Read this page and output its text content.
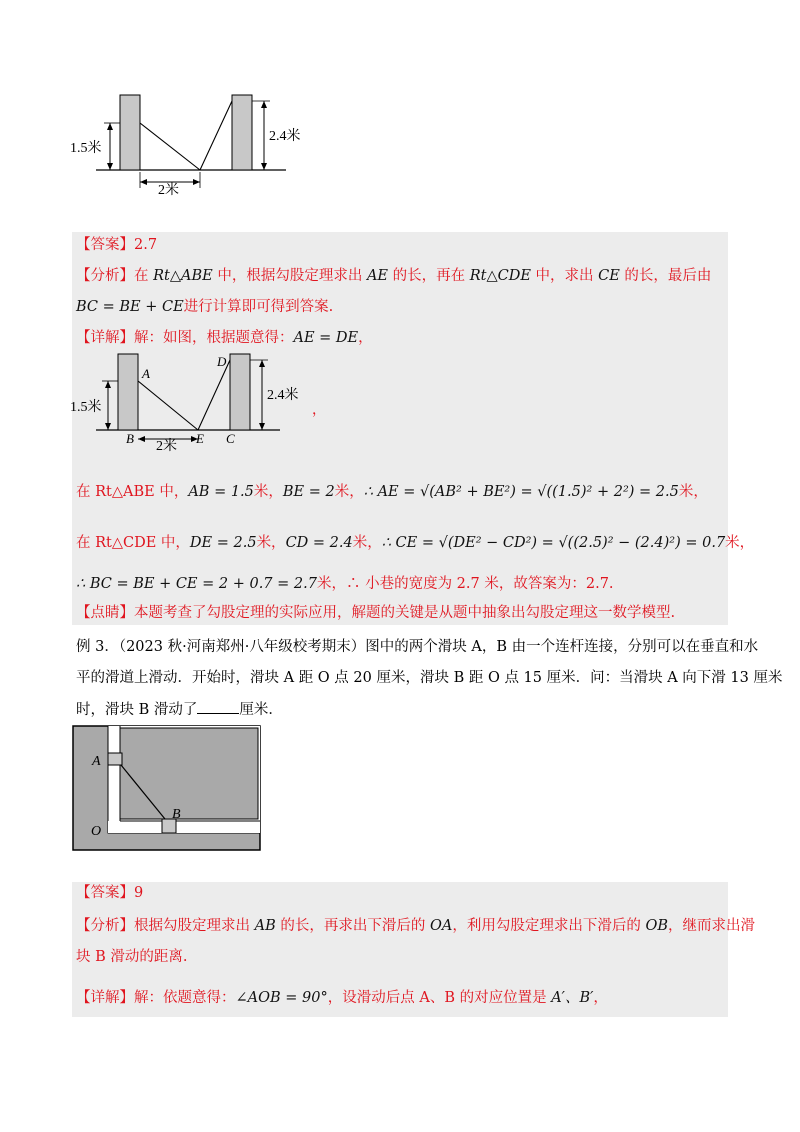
1.5米
2.4米
2米
【答案】2.7
【分析】在 Rt△ABE 中，根据勾股定理求出 AE 的长，再在 Rt△CDE 中，求出 CE 的长，最后由
BC = BE + CE进行计算即可得到答案.
【详解】解：如图，根据题意得：AE = DE，
1.5米
2.4米
2米
A
B	E C
D
，
在 Rt△ABE 中，AB = 1.5米，BE = 2米，∴ AE = √(AB² + BE²) = √((1.5)² + 2²) = 2.5米，
在 Rt△CDE 中，DE = 2.5米，CD = 2.4米，∴ CE = √(DE² − CD²) = √((2.5)² − (2.4)²) = 0.7米，
∴ BC = BE + CE = 2 + 0.7 = 2.7米，∴ 小巷的宽度为 2.7 米，故答案为：2.7.
【点睛】本题考查了勾股定理的实际应用，解题的关键是从题中抽象出勾股定理这一数学模型.
例 3．（2023 秋·河南郑州·八年级校考期末）图中的两个滑块 A，B 由一个连杆连接，分别可以在垂直和水
平的滑道上滑动．开始时，滑块 A 距 O 点 20 厘米，滑块 B 距 O 点 15 厘米．问：当滑块 A 向下滑 13 厘米
时，滑块 B 滑动了	厘米．
A
B
O
【答案】9
【分析】根据勾股定理求出 AB 的长，再求出下滑后的 OA，利用勾股定理求出下滑后的 OB，继而求出滑
块 B 滑动的距离.
【详解】解：依题意得：∠AOB = 90°，设滑动后点 A、B 的对应位置是 A′、B′，
